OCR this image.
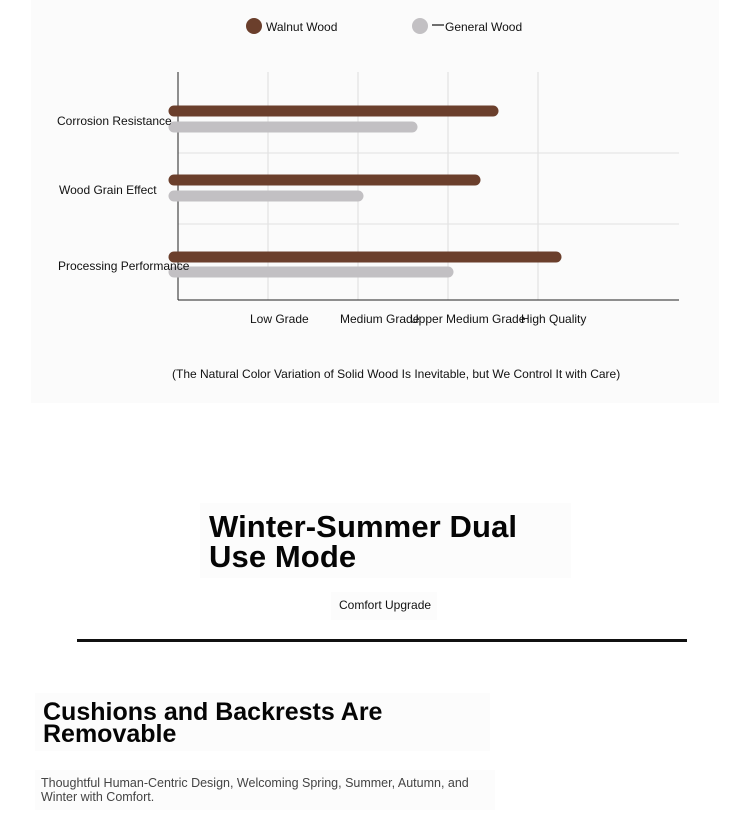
Corrosion Resistance
Wood Grain Effect
Processing Performance
Low Grade	Medium Grade
Upper Medium Grade
High Quality
Walnut Wood	General Wood
(The Natural Color Variation of Solid Wood Is Inevitable, but We Control It with Care)
Winter-Summer Dual Use Mode
Comfort Upgrade
Cushions and Backrests Are Removable

Thoughtful Human-Centric Design, Welcoming Spring, Summer, Autumn, and Winter with Comfort.
